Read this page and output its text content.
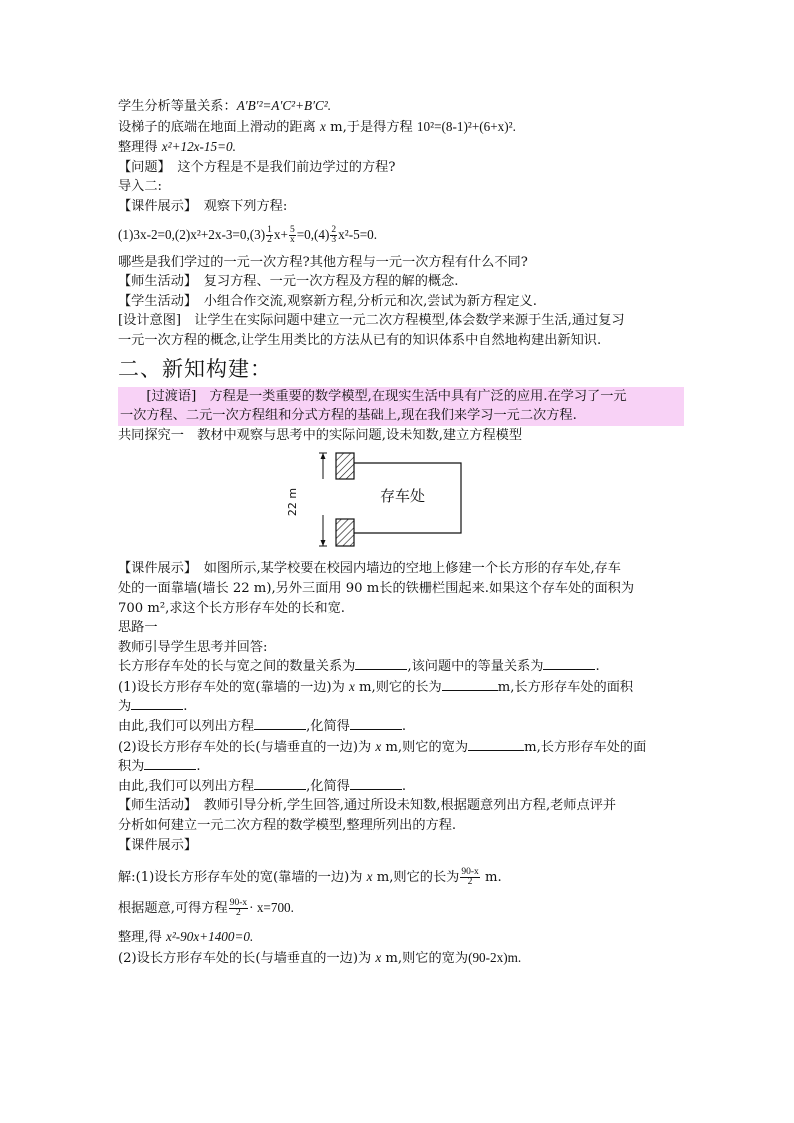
学生分析等量关系：A′B′²=A′C²+B′C².
设梯子的底端在地面上滑动的距离 x m,于是得方程 10²=(8-1)²+(6+x)².
整理得 x²+12x-15=0.
【问题】　这个方程是不是我们前边学过的方程?
导入二:
【课件展示】　观察下列方程:
$(1)3x-2=0,(2)x^2+2x-3=0,(3) \frac{1}{2} x+ \frac{5}{x} =0,(4) \frac{2}{3} x^2-5=0$.
哪些是我们学过的一元一次方程?其他方程与一元一次方程有什么不同?
【师生活动】　复习方程、一元一次方程及方程的解的概念.
【学生活动】　小组合作交流,观察新方程,分析元和次,尝试为新方程定义.
[设计意图]　让学生在实际问题中建立一元二次方程模型,体会数学来源于生活,通过复习
一元一次方程的概念,让学生用类比的方法从已有的知识体系中自然地构建出新知识.
二、新知构建：
　　[过渡语]　方程是一类重要的数学模型,在现实生活中具有广泛的应用.在学习了一元
一次方程、二元一次方程组和分式方程的基础上,现在我们来学习一元二次方程.
共同探究一　教材中观察与思考中的实际问题,设未知数,建立方程模型
22 m	存车处
【课件展示】　如图所示,某学校要在校园内墙边的空地上修建一个长方形的存车处,存车
处的一面靠墙(墙长 22 m),另外三面用 90 m长的铁栅栏围起来.如果这个存车处的面积为
700 m²,求这个长方形存车处的长和宽.
思路一
教师引导学生思考并回答:
长方形存车处的长与宽之间的数量关系为	,该问题中的等量关系为	.
(1)设长方形存车处的宽(靠墙的一边)为 x m,则它的长为	m,长方形存车处的面积
为	.
由此,我们可以列出方程	,化简得	.
(2)设长方形存车处的长(与墙垂直的一边)为 x m,则它的宽为	m,长方形存车处的面
积为	.
由此,我们可以列出方程	,化简得	.
【师生活动】　教师引导分析,学生回答,通过所设未知数,根据题意列出方程,老师点评并
分析如何建立一元二次方程的数学模型,整理所列出的方程.
【课件展示】
解:(1)设长方形存车处的宽(靠墙的一边)为 x m,则它的长为 $\frac{90-x}{2} m$.
根据题意,可得方程 $\frac{90-x}{2} \cdot x=700$.
整理,得 x²-90x+1400=0.
(2)设长方形存车处的长(与墙垂直的一边)为 x m,则它的宽为(90-2x)m.
